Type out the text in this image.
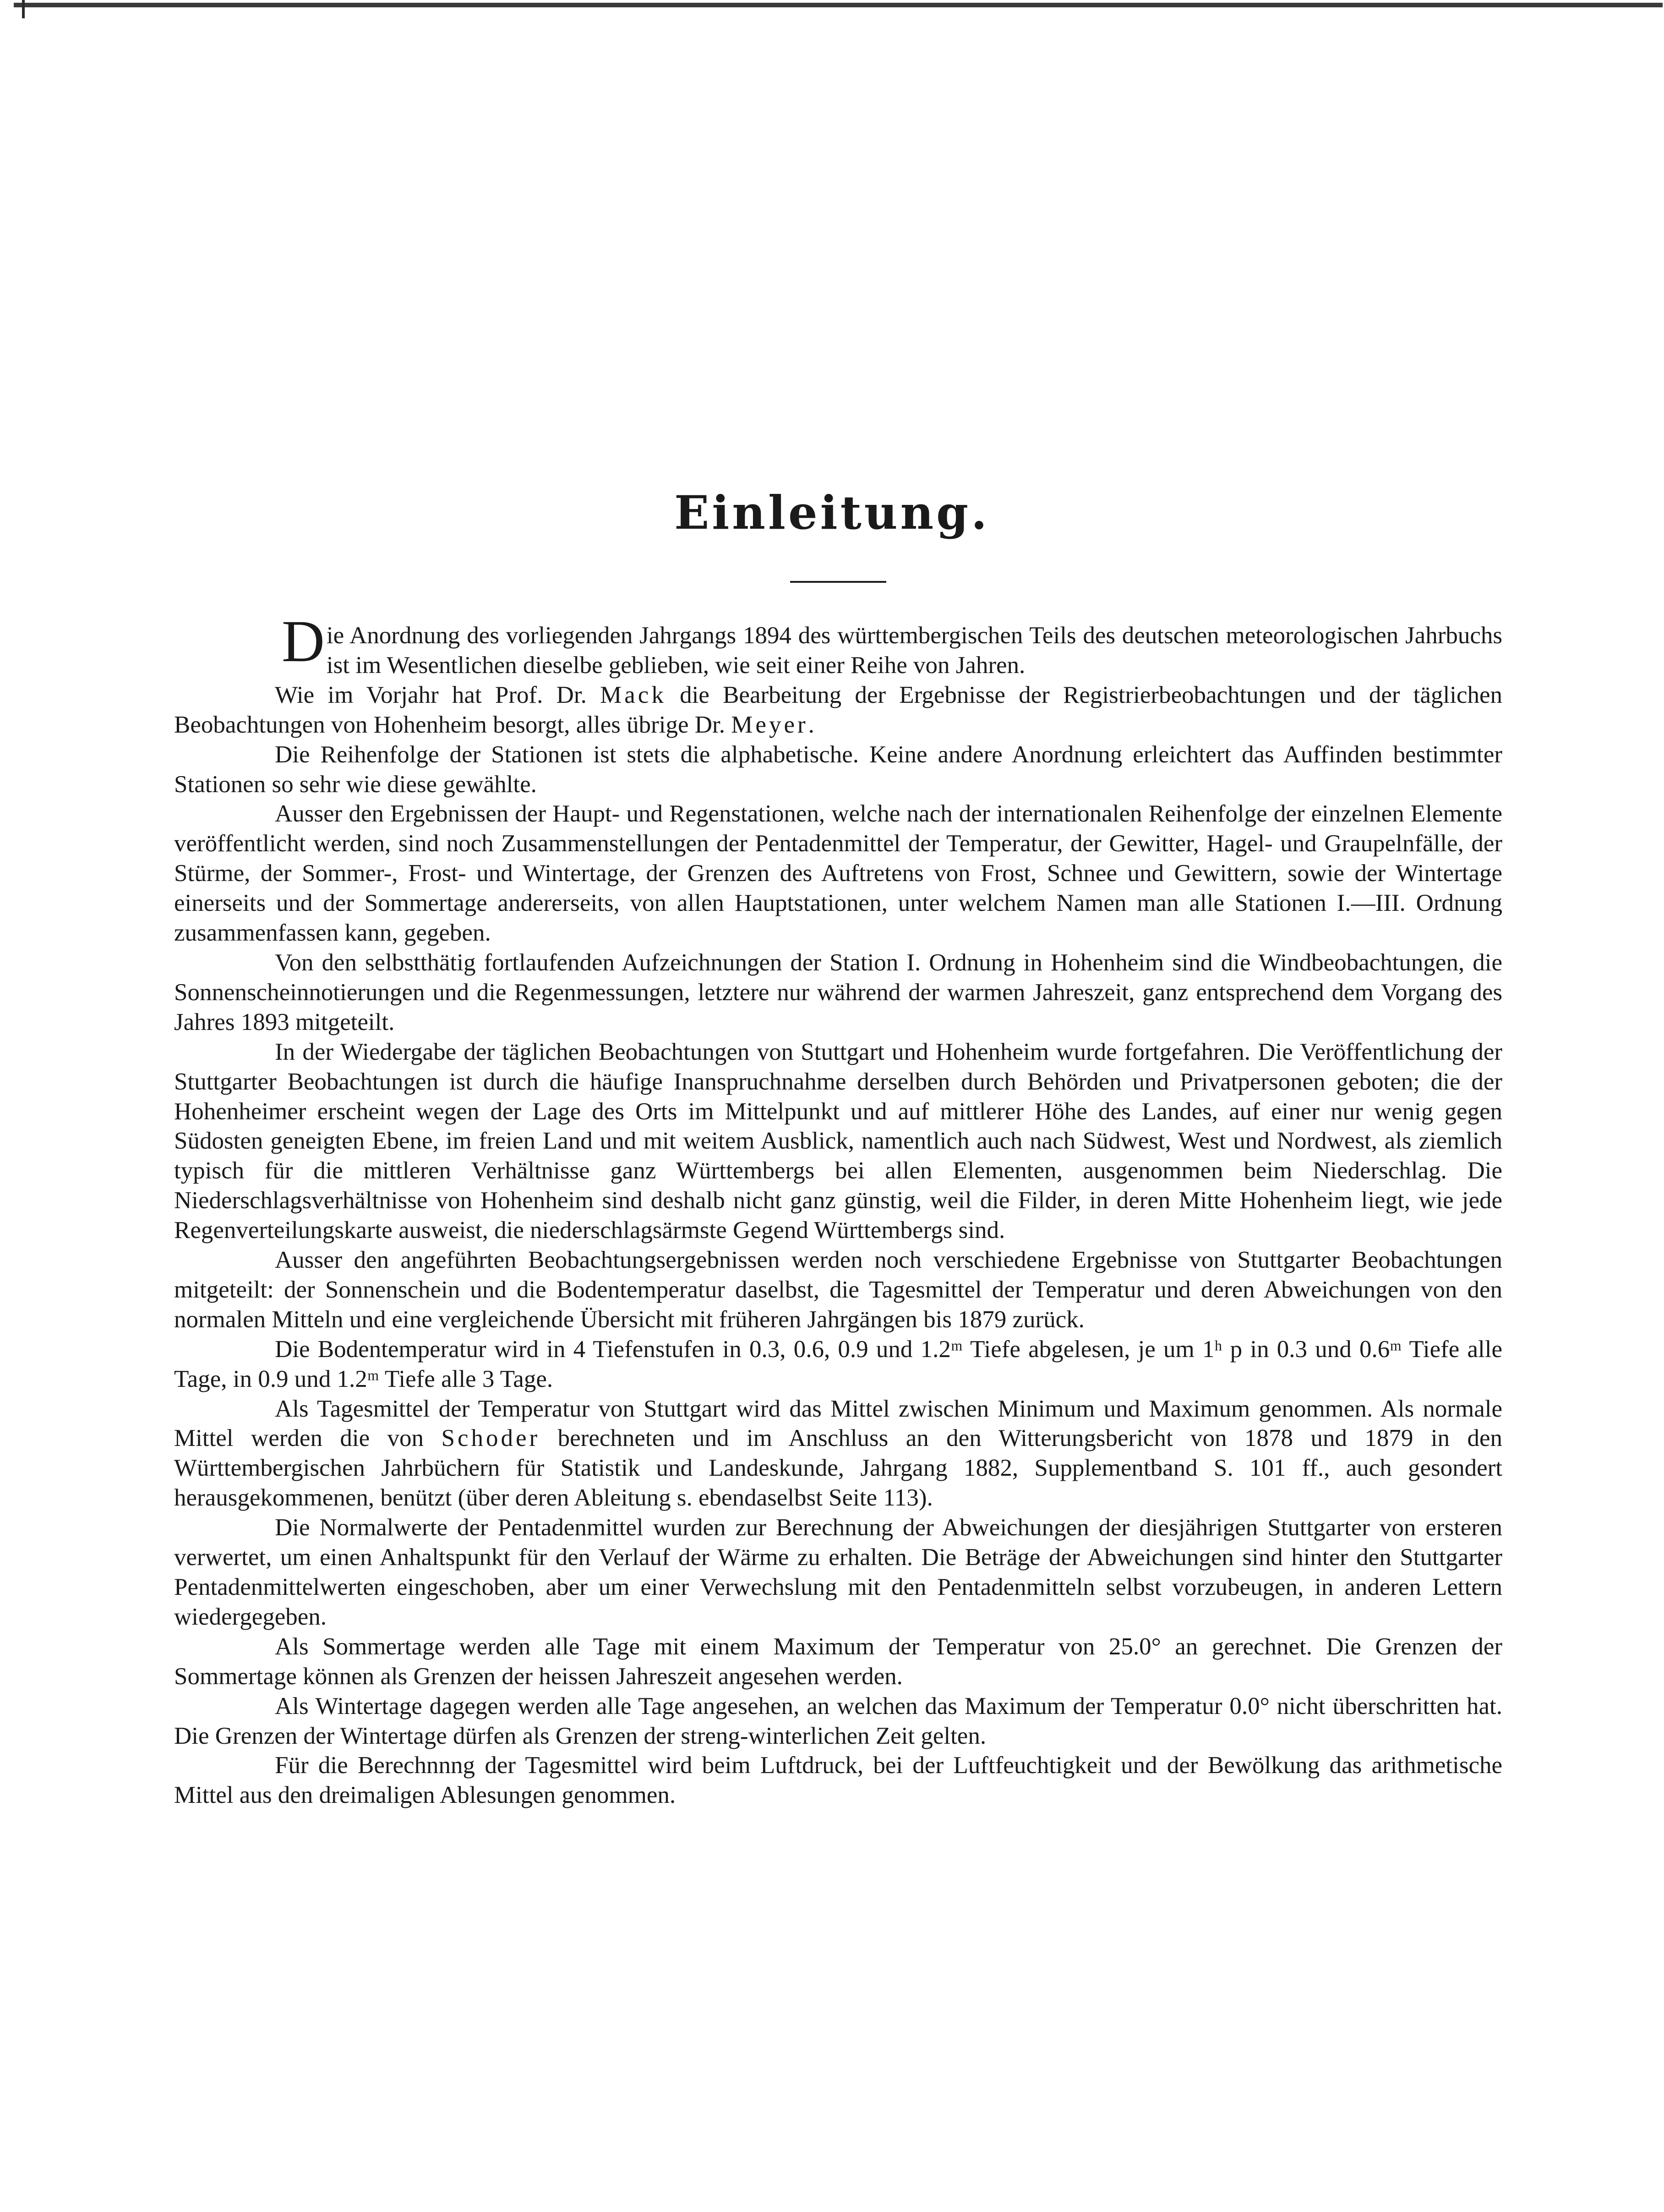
Einleitung.
D ie Anordnung des vorliegenden Jahrgangs 1894 des württembergischen Teils des deutschen meteorologischen Jahrbuchs ist im Wesentlichen dieselbe geblieben, wie seit einer Reihe von Jahren.

Wie im Vorjahr hat Prof. Dr. Mack die Bearbeitung der Ergebnisse der Registrierbeobachtungen und der täglichen Beobachtungen von Hohenheim besorgt, alles übrige Dr. Meyer.

Die Reihenfolge der Stationen ist stets die alphabetische. Keine andere Anordnung erleichtert das Auffinden bestimmter Stationen so sehr wie diese gewählte.

Ausser den Ergebnissen der Haupt- und Regenstationen, welche nach der internationalen Reihenfolge der einzelnen Elemente veröffentlicht werden, sind noch Zusammenstellungen der Pentadenmittel der Temperatur, der Gewitter, Hagel- und Graupelnfälle, der Stürme, der Sommer-, Frost- und Wintertage, der Grenzen des Auftretens von Frost, Schnee und Gewittern, sowie der Wintertage einerseits und der Sommertage andererseits, von allen Hauptstationen, unter welchem Namen man alle Stationen I.—III. Ordnung zusammenfassen kann, gegeben.

Von den selbstthätig fortlaufenden Aufzeichnungen der Station I. Ordnung in Hohenheim sind die Windbeobachtungen, die Sonnenscheinnotierungen und die Regenmessungen, letztere nur während der warmen Jahreszeit, ganz entsprechend dem Vorgang des Jahres 1893 mitgeteilt.

In der Wiedergabe der täglichen Beobachtungen von Stuttgart und Hohenheim wurde fortgefahren. Die Veröffentlichung der Stuttgarter Beobachtungen ist durch die häufige Inanspruchnahme derselben durch Behörden und Privatpersonen geboten; die der Hohenheimer erscheint wegen der Lage des Orts im Mittelpunkt und auf mittlerer Höhe des Landes, auf einer nur wenig gegen Südosten geneigten Ebene, im freien Land und mit weitem Ausblick, namentlich auch nach Südwest, West und Nordwest, als ziemlich typisch für die mittleren Verhältnisse ganz Württembergs bei allen Elementen, ausgenommen beim Niederschlag. Die Niederschlagsverhältnisse von Hohenheim sind deshalb nicht ganz günstig, weil die Filder, in deren Mitte Hohenheim liegt, wie jede Regenverteilungskarte ausweist, die niederschlagsärmste Gegend Württembergs sind.

Ausser den angeführten Beobachtungsergebnissen werden noch verschiedene Ergebnisse von Stuttgarter Beobachtungen mitgeteilt: der Sonnenschein und die Bodentemperatur daselbst, die Tagesmittel der Temperatur und deren Abweichungen von den normalen Mitteln und eine vergleichende Übersicht mit früheren Jahrgängen bis 1879 zurück.

Die Bodentemperatur wird in 4 Tiefenstufen in 0.3, 0.6, 0.9 und 1.2ᵐ Tiefe abgelesen, je um 1ʰ p in 0.3 und 0.6ᵐ Tiefe alle Tage, in 0.9 und 1.2ᵐ Tiefe alle 3 Tage.

Als Tagesmittel der Temperatur von Stuttgart wird das Mittel zwischen Minimum und Maximum genommen. Als normale Mittel werden die von Schoder berechneten und im Anschluss an den Witterungsbericht von 1878 und 1879 in den Württembergischen Jahrbüchern für Statistik und Landeskunde, Jahrgang 1882, Supplementband S. 101 ff., auch gesondert herausgekommenen, benützt (über deren Ableitung s. ebendaselbst Seite 113).

Die Normalwerte der Pentadenmittel wurden zur Berechnung der Abweichungen der diesjährigen Stuttgarter von ersteren verwertet, um einen Anhaltspunkt für den Verlauf der Wärme zu erhalten. Die Beträge der Abweichungen sind hinter den Stuttgarter Pentadenmittelwerten eingeschoben, aber um einer Verwechslung mit den Pentadenmitteln selbst vorzubeugen, in anderen Lettern wiedergegeben.

Als Sommertage werden alle Tage mit einem Maximum der Temperatur von 25.0° an gerechnet. Die Grenzen der Sommertage können als Grenzen der heissen Jahreszeit angesehen werden.

Als Wintertage dagegen werden alle Tage angesehen, an welchen das Maximum der Temperatur 0.0° nicht überschritten hat. Die Grenzen der Wintertage dürfen als Grenzen der streng-winterlichen Zeit gelten.

Für die Berechnnng der Tagesmittel wird beim Luftdruck, bei der Luftfeuchtigkeit und der Bewölkung das arithmetische Mittel aus den dreimaligen Ablesungen genommen.
